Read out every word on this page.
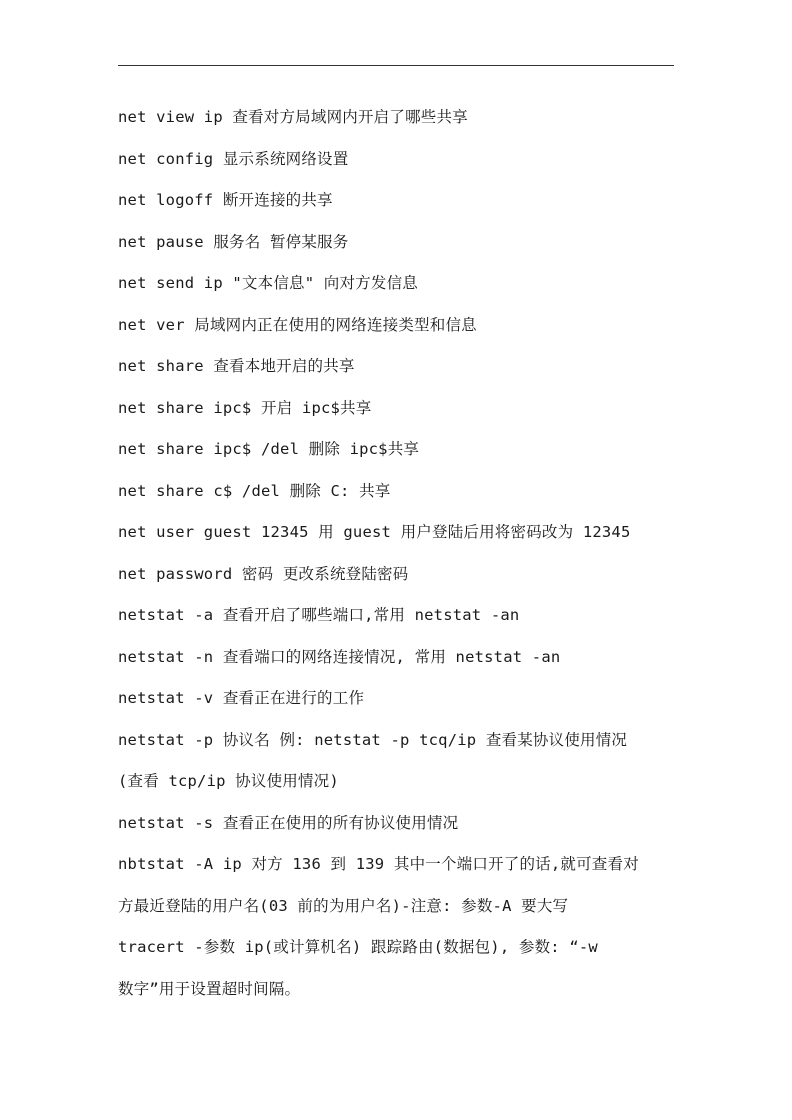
net view ip 查看对方局域网内开启了哪些共享
net config 显示系统网络设置
net logoff 断开连接的共享
net pause 服务名 暂停某服务
net send ip "文本信息" 向对方发信息
net ver 局域网内正在使用的网络连接类型和信息
net share 查看本地开启的共享
net share ipc$ 开启 ipc$共享
net share ipc$ /del 删除 ipc$共享
net share c$ /del 删除 C: 共享
net user guest 12345 用 guest 用户登陆后用将密码改为 12345
net password 密码 更改系统登陆密码
netstat -a 查看开启了哪些端口,常用 netstat -an
netstat -n 查看端口的网络连接情况, 常用 netstat -an
netstat -v 查看正在进行的工作
netstat -p 协议名 例: netstat -p tcq/ip 查看某协议使用情况
(查看 tcp/ip 协议使用情况)
netstat -s 查看正在使用的所有协议使用情况
nbtstat -A ip 对方 136 到 139 其中一个端口开了的话,就可查看对
方最近登陆的用户名(03 前的为用户名)-注意: 参数-A 要大写
tracert -参数 ip(或计算机名) 跟踪路由(数据包), 参数: “-w
数字”用于设置超时间隔。
